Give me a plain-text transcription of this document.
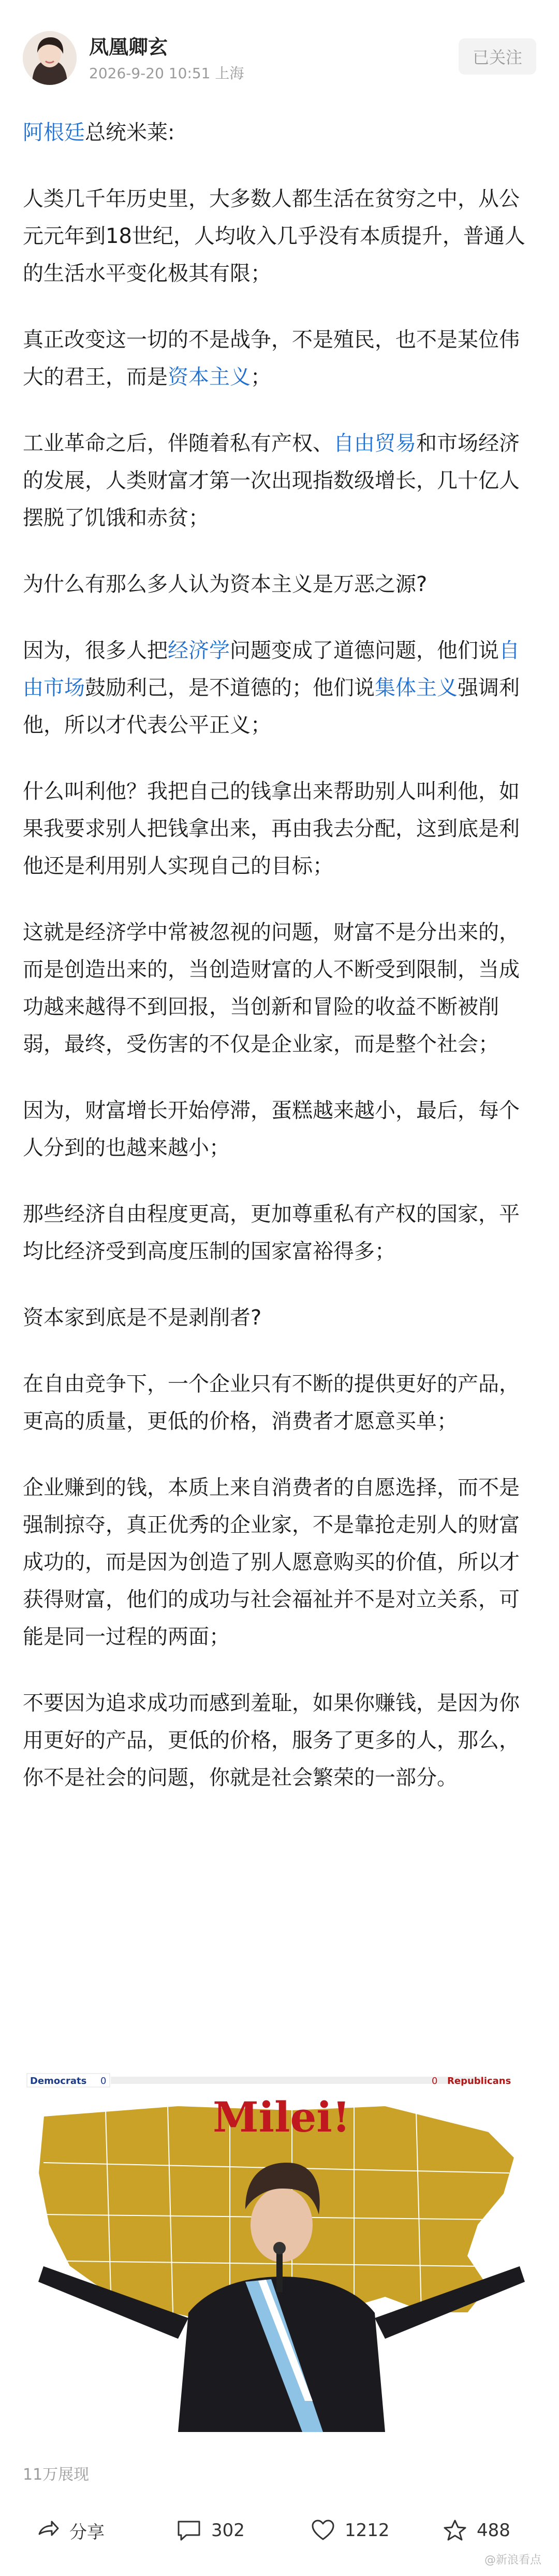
凤凰卿玄
2026-9-20 10:51 上海
已关注

阿根廷总统米莱:

人类几千年历史里，大多数人都生活在贫穷之中，从公元元年到18世纪，人均收入几乎没有本质提升，普通人的生活水平变化极其有限；

真正改变这一切的不是战争，不是殖民，也不是某位伟大的君王，而是资本主义；

工业革命之后，伴随着私有产权、自由贸易和市场经济的发展，人类财富才第一次出现指数级增长，几十亿人摆脱了饥饿和赤贫；

为什么有那么多人认为资本主义是万恶之源?

因为，很多人把经济学问题变成了道德问题，他们说自由市场鼓励利己，是不道德的；他们说集体主义强调利他，所以才代表公平正义；

什么叫利他？我把自己的钱拿出来帮助别人叫利他，如果我要求别人把钱拿出来，再由我去分配，这到底是利他还是利用别人实现自己的目标；

这就是经济学中常被忽视的问题，财富不是分出来的，而是创造出来的，当创造财富的人不断受到限制，当成功越来越得不到回报，当创新和冒险的收益不断被削弱，最终，受伤害的不仅是企业家，而是整个社会；

因为，财富增长开始停滞，蛋糕越来越小，最后，每个人分到的也越来越小；

那些经济自由程度更高，更加尊重私有产权的国家，平均比经济受到高度压制的国家富裕得多；

资本家到底是不是剥削者?

在自由竞争下，一个企业只有不断的提供更好的产品，更高的质量，更低的价格，消费者才愿意买单；

企业赚到的钱，本质上来自消费者的自愿选择，而不是强制掠夺，真正优秀的企业家，不是靠抢走别人的财富成功的，而是因为创造了别人愿意购买的价值，所以才获得财富，他们的成功与社会福祉并不是对立关系，可能是同一过程的两面；

不要因为追求成功而感到羞耻，如果你赚钱，是因为你用更好的产品，更低的价格，服务了更多的人，那么，你不是社会的问题，你就是社会繁荣的一部分。

Democrats 0	0 Republicans
Milei!
头条@凤凰卿玄
11万展现
分享	302	1212	488
@新浪看点
